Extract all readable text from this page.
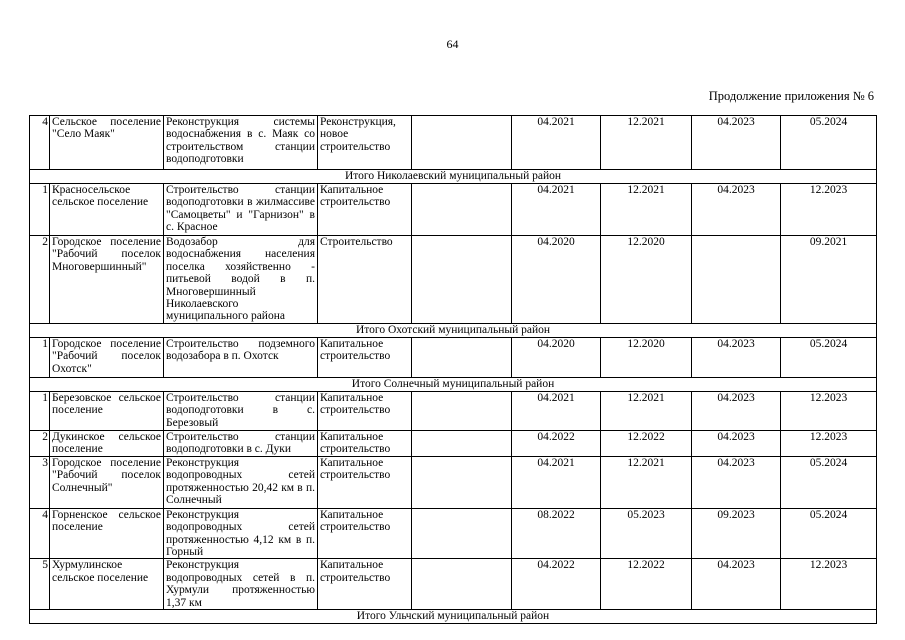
64
Продолжение приложения № 6
4	Сельское поселение "Село Маяк"	Реконструкция системы водоснабжения в с. Маяк со строительством станции водоподготовки	Реконструкция, новое строительство		04.2021	12.2021	04.2023	05.2024
Итого Николаевский муниципальный район								
1	Красносельское сельское поселение	Строительство станции водоподготовки в жилмассиве "Самоцветы" и "Гарнизон" в с. Красное	Капитальное строительство		04.2021	12.2021	04.2023	12.2023
2	Городское поселение "Рабочий поселок Многовершинный"	Водозабор для водоснабжения населения поселка хозяйственно - питьевой водой в п. Многовершинный Николаевского муниципального района	Строительство		04.2020	12.2020		09.2021
Итого Охотский муниципальный район								
1	Городское поселение "Рабочий поселок Охотск"	Строительство подземного водозабора в п. Охотск	Капитальное строительство		04.2020	12.2020	04.2023	05.2024
Итого Солнечный муниципальный район								
1	Березовское сельское поселение	Строительство станции водоподготовки в с. Березовый	Капитальное строительство		04.2021	12.2021	04.2023	12.2023
2	Дукинское сельское поселение	Строительство станции водоподготовки в с. Дуки	Капитальное строительство		04.2022	12.2022	04.2023	12.2023
3	Городское поселение "Рабочий поселок Солнечный"	Реконструкция водопроводных сетей протяженностью 20,42 км в п. Солнечный	Капитальное строительство		04.2021	12.2021	04.2023	05.2024
4	Горненское сельское поселение	Реконструкция водопроводных сетей протяженностью 4,12 км в п. Горный	Капитальное строительство		08.2022	05.2023	09.2023	05.2024
5	Хурмулинское сельское поселение	Реконструкция водопроводных сетей в п. Хурмули протяженностью 1,37 км	Капитальное строительство		04.2022	12.2022	04.2023	12.2023
Итого Ульчский муниципальный район								
